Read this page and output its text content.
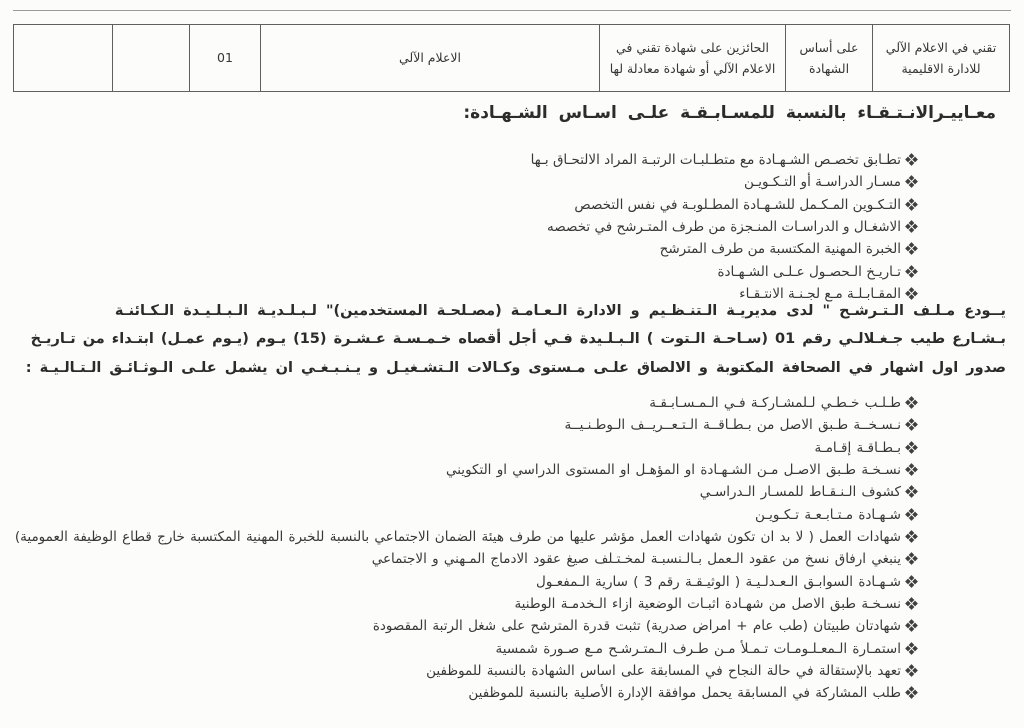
تقني في الاعلام الآلي للادارة الاقليمية	على أساس الشهادة	الحائزين على شهادة تقني في الاعلام الآلي أو شهادة معادلة لها	الاعلام الآلي	01		
معـاييـرالانـتـقـاء بالنسبة للمسـابـقـة علـى اسـاس الشـهـادة:
تطـابق تخصـص الشـهـادة مع متطـلبـات الرتبـة المراد الالتحـاق بـها
مسـار الدراسـة أو التـكـويـن
التـكـوين المـكـمل للشـهـادة المطـلوبـة في نفس التخصص
الاشغـال و الدراسـات المنـجزة من طرف المتـرشح في تخصصه
الخبرة المهنية المكتسبة من طرف المترشح
تـاريـخ الـحصـول عـلـى الشـهـادة
المقـابـلـة مـع لجـنـة الانتـقـاء
يــودع مـلـف الـتـرشـح " لدى مديريـة الـتنـظـيم و الادارة الـعـامـة (مصـلحـة المستخدمين)" لـبـلـديـة الـبـلـيـدة الـكـائنـة
بـشـارع طيب جـغـلالـي رقم 01 (سـاحـة الـتوت ) الـبـلـيدة فـي أجل أقصاه خـمـسـة عـشـرة (15) يـوم (يـوم عمـل) ابتـداء من تـاريـخ
صدور اول اشهار في الصحافة المكتوبة و الالصاق علـى مـستوى وكـالات الـتشـغيـل و يـنـبـغـي ان يشمل علـى الـوثـائـق الـتـالـيـة :
طـلـب خـطـي لـلمشـاركـة فـي الـمـسـابـقـة
نـسـخــة طـبق الاصل من بـطـاقــة الـتـعــريــف الـوطـنـيــة
بـطـاقـة إقـامـة
نسـخـة طـبق الاصـل مـن الشـهـادة او المؤهـل او المستوى الدراسي او التكويني
كشوف الـنـقـاط للمسـار الـدراسـي
شـهـادة مـتـابـعـة تـكـويـن
شهادات العمل ( لا بد ان تكون شهادات العمل مؤشر عليها من طرف هيئة الضمان الاجتماعي بالنسبة للخبرة المهنية المكتسبة خارج قطاع الوظيفة العمومية)
ينبغي ارفاق نسخ من عقود الـعمل بـالـنسبـة لمخـتـلف صيغ عقود الادماج المـهني و الاجتماعي
شـهـادة السوابـق الـعـدلـيـة ( الوثيـقـة رقم 3 ) سارية الـمفعـول
نسـخـة طبق الاصل من شهـادة اثبـات الوضعية ازاء الـخدمـة الوطنية
شهادتان طبيتان (طب عام + امراض صدرية) تثبت قدرة المترشح على شغل الرتبة المقصودة
استمـارة الـمعـلـومـات تـمـلأ مـن طـرف الـمتـرشـح مـع صـورة شمسية
تعهد بالإستقالة في حالة النجاح في المسابقة على اساس الشهادة بالنسبة للموظفين
طلب المشاركة في المسابقة يحمل موافقة الإدارة الأصلية بالنسبة للموظفين
